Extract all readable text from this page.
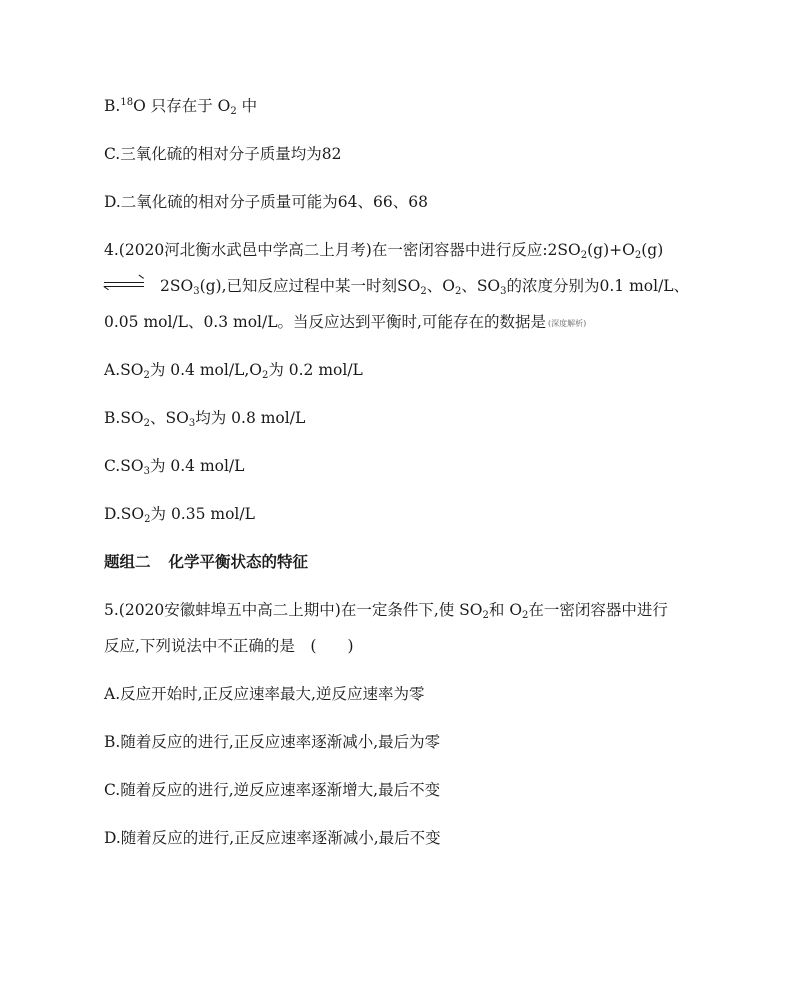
B.$^{18}$O 只存在于 $O_2$ 中
C.三氧化硫的相对分子质量均为82
D.二氧化硫的相对分子质量可能为64、66、68
4.(2020河北衡水武邑中学高二上月考)在一密闭容器中进行反应$:2SO_2(g)+O_2(g)$
$2SO_3(g)$,已知反应过程中某一时刻$SO_2$、$O_2$、$SO_3$的浓度分别为0.1 mol/L、
0.05 mol/L、0.3 mol/L。当反应达到平衡时,可能存在的数据是 (深度解析)
$A.SO_2$为 0.4 mol/$L,O_2$为 0.2 mol/L
$B.SO_2$、$SO_3$均为 0.8 mol/L
$C.SO_3$为 0.4 mol/L
$D.SO_2$为 0.35 mol/L
题组二 化学平衡状态的特征
5.(2020安徽蚌埠五中高二上期中)在一定条件下,使 $SO_2$和 $O_2$在一密闭容器中进行
反应,下列说法中不正确的是　(　　)
A.反应开始时,正反应速率最大,逆反应速率为零
B.随着反应的进行,正反应速率逐渐减小,最后为零
C.随着反应的进行,逆反应速率逐渐增大,最后不变
D.随着反应的进行,正反应速率逐渐减小,最后不变
